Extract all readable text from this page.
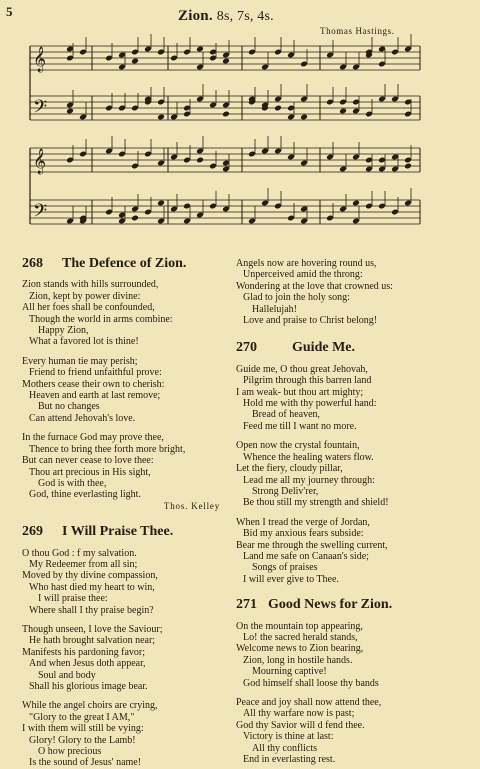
5	Zion. 8s, 7s, 4s.
Thomas Hastings.
𝄞
𝄢
𝄞
𝄢
268	The Defence of Zion.
Zion stands with hills surrounded,
Zion, kept by power divine:
All her foes shall be confounded,
Though the world in arms combine:
Happy Zion,
What a favored lot is thine!
Every human tie may perish;
Friend to friend unfaithful prove:
Mothers cease their own to cherish:
Heaven and earth at last remove;
But no changes
Can attend Jehovah's love.
In the furnace God may prove thee,
Thence to bring thee forth more bright,
But can never cease to love thee:
Thou art precious in His sight,
God is with thee,
God, thine everlasting light.
Thos. Kelley
269	I Will Praise Thee.
O thou God : f my salvation.
My Redeemer from all sin;
Moved by thy divine compassion,
Who hast died my heart to win,
I will praise thee:
Where shall I thy praise begin?
Though unseen, I love the Saviour;
He hath brought salvation near;
Manifests his pardoning favor;
And when Jesus doth appear,
Soul and body
Shall his glorious image bear.
While the angel choirs are crying,
"Glory to the great I AM,"
I with them will still be vying:
Glory! Glory to the Lamb!
O how precious
Is the sound of Jesus' name!
Angels now are hovering round us,
Unperceived amid the throng:
Wondering at the love that crowned us:
Glad to join the holy song:
Hallelujah!
Love and praise to Christ belong!
270	Guide Me.
Guide me, O thou great Jehovah,
Pilgrim through this barren land
I am weak- but thou art mighty;
Hold me with thy powerful hand:
Bread of heaven,
Feed me till I want no more.
Open now the crystal fountain,
Whence the healing waters flow.
Let the fiery, cloudy pillar,
Lead me all my journey through:
Strong Deliv'rer,
Be thou still my strength and shield!
When I tread the verge of Jordan,
Bid my anxious fears subside:
Bear me through the swelling current,
Land me safe on Canaan's side;
Songs of praises
I will ever give to Thee.
271 Good News for Zion.
On the mountain top appearing,
Lo! the sacred herald stands,
Welcome news to Zion bearing,
Zion, long in hostile hands.
Mourning captive!
God himself shall loose thy bands
Peace and joy shall now attend thee,
All thy warfare now is past;
God thy Savior will d fend thee.
Victory is thine at last:
All thy conflicts
End in everlasting rest.
